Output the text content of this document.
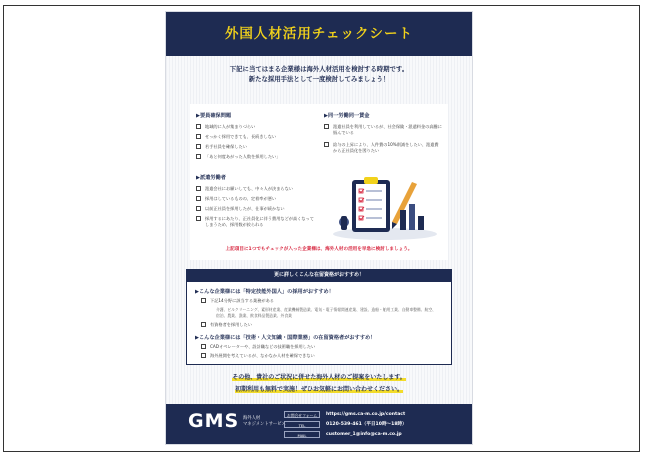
外国人材活用チェックシート
下記に当てはまる企業様は海外人材活用を検討する時期です。
新たな採用手法として一度検討してみましょう！
▶要員確保問題
地域的に人が集まりづらい
せっかく採用できても、長続きしない
若手社員を確保したい
「あと何度あがった人数を採用したい」
▶同一労働同一賃金
派遣社員を利用しているが、社会保険・派遣料金の高騰に悩んでいる
給与の上昇により、人件費の10%削減をしたい、派遣費から正社員化を図りたい
▶派遣労働者
派遣会社にお願いしても、中々人が決まらない
採用はしているものの、定着率が悪い
以前正社員を採用したが、仕事が続かない
採用するにあたり、正社員化に伴う費用などが高くなってしまうため、採用数が絞られる
上記項目に1つでもチェックが入った企業様は、海外人材の活用を早急に検討しましょう。
更に詳しくこんな在留資格がおすすめ！
▶こんな企業様には「特定技能外国人」の採用がおすすめ！
下記14分野に該当する業務がある
介護、ビルクリーニング、素形材産業、産業機械製造業、電気・電子情報関連産業、建設、造船・舶用工業、自動車整備、航空、宿泊、農業、漁業、飲食料品製造業、外食業
有資格者を採用したい
▶こんな企業様には「技術・人文知識・国際業務」の在留資格者がおすすめ！
CADオペレーターや、設計職などの技術職を採用したい
海外展開を考えているが、なかなか人材を確保できない
その他、貴社のご状況に併せた海外人材のご提案をいたします。
初期利用も無料で実施！ぜひお気軽にお問い合わせください。
GMS 海外人材
マネジメントサービス
お問合せフォーム	https://gms.ca-m.co.jp/contact
TEL	0120-539-461（平日10時～18時）
MAIL	customer_1@info@ca-m.co.jp
